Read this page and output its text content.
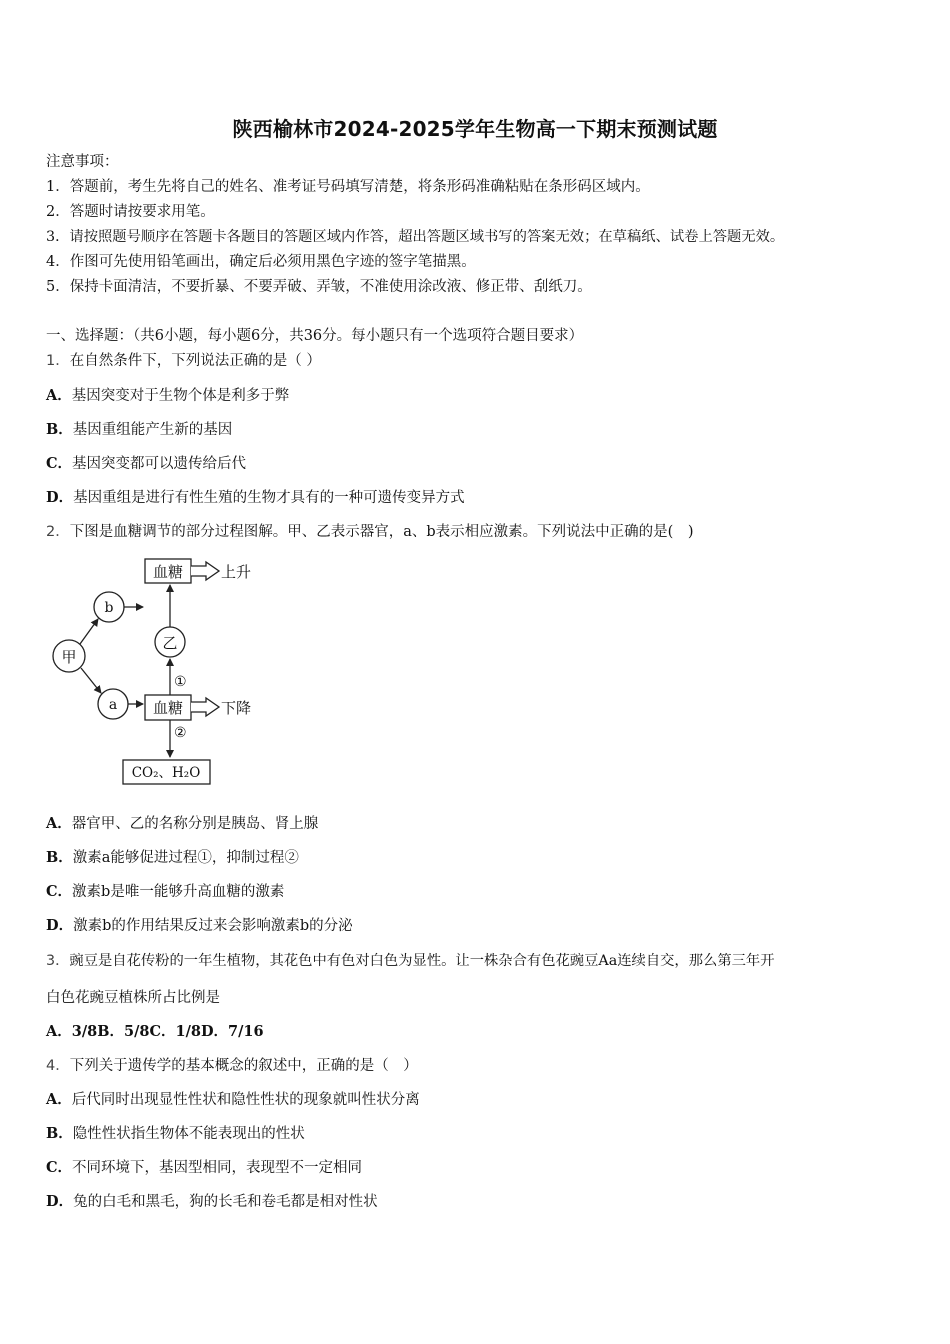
陕西榆林市2024-2025学年生物高一下期末预测试题
注意事项：
1．答题前，考生先将自己的姓名、准考证号码填写清楚，将条形码准确粘贴在条形码区域内。
2．答题时请按要求用笔。
3．请按照题号顺序在答题卡各题目的答题区域内作答，超出答题区域书写的答案无效；在草稿纸、试卷上答题无效。
4．作图可先使用铅笔画出，确定后必须用黑色字迹的签字笔描黑。
5．保持卡面清洁，不要折暴、不要弄破、弄皱，不准使用涂改液、修正带、刮纸刀。
一、选择题：（共6小题，每小题6分，共36分。每小题只有一个选项符合题目要求）
1．在自然条件下，下列说法正确的是（ ）
A．基因突变对于生物个体是利多于弊
B．基因重组能产生新的基因
C．基因突变都可以遗传给后代
D．基因重组是进行有性生殖的生物才具有的一种可遗传变异方式
2．下图是血糖调节的部分过程图解。甲、乙表示器官，a、b表示相应激素。下列说法中正确的是(　)
血糖	上升
甲
b
a
乙
①
血糖	下降
②
CO₂、H₂O
A．器官甲、乙的名称分别是胰岛、肾上腺
B．激素a能够促进过程①，抑制过程②
C．激素b是唯一能够升高血糖的激素
D．激素b的作用结果反过来会影响激素b的分泌
3．豌豆是自花传粉的一年生植物，其花色中有色对白色为显性。让一株杂合有色花豌豆Aa连续自交，那么第三年开
白色花豌豆植株所占比例是
A．3/8B．5/8C．1/8D．7/16
4．下列关于遗传学的基本概念的叙述中，正确的是（　）
A．后代同时出现显性性状和隐性性状的现象就叫性状分离
B．隐性性状指生物体不能表现出的性状
C．不同环境下，基因型相同，表现型不一定相同
D．兔的白毛和黑毛，狗的长毛和卷毛都是相对性状
